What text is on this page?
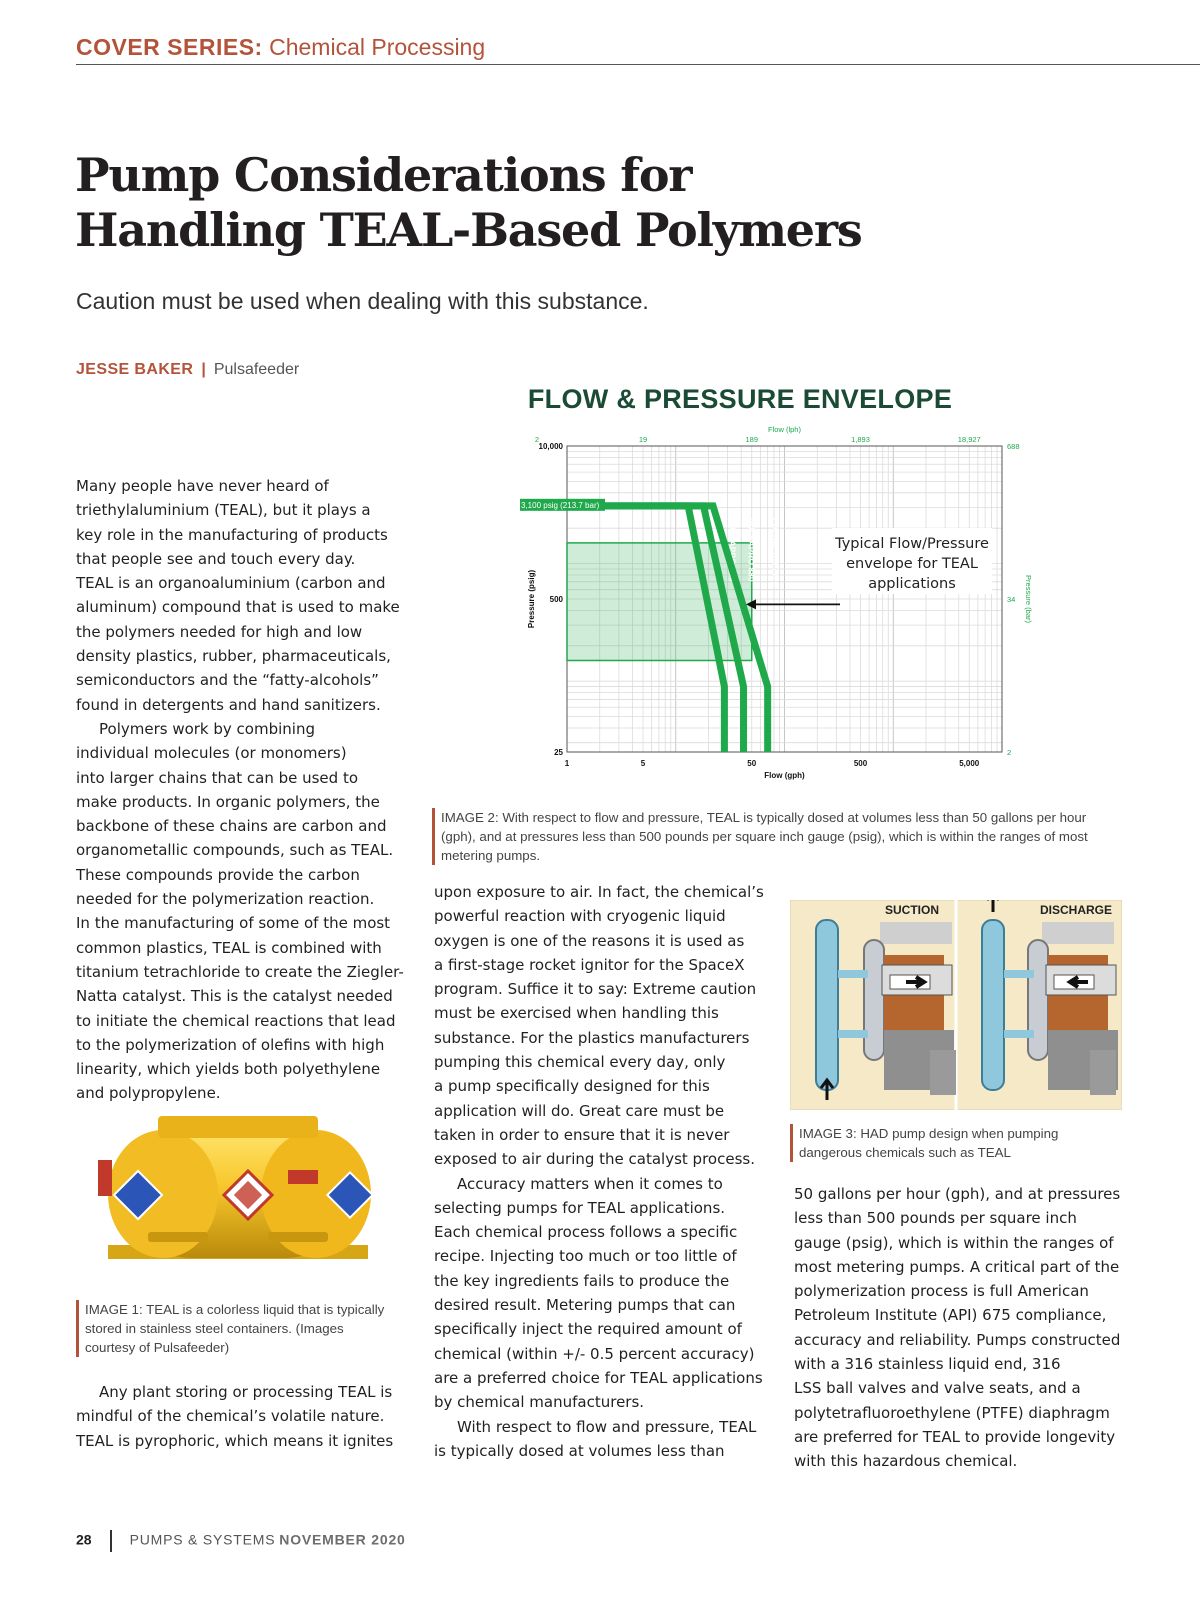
COVER SERIES: Chemical Processing
Pump Considerations for
Handling TEAL-Based Polymers
Caution must be used when dealing with this substance.
JESSE BAKER | Pulsafeeder

Many people have never heard of
triethylaluminium (TEAL), but it plays a
key role in the manufacturing of products
that people see and touch every day.
TEAL is an organoaluminium (carbon and
aluminum) compound that is used to make
the polymers needed for high and low
density plastics, rubber, pharmaceuticals,
semiconductors and the “fatty-alcohols”
found in detergents and hand sanitizers.

Polymers work by combining
individual molecules (or monomers)
into larger chains that can be used to
make products. In organic polymers, the
backbone of these chains are carbon and
organometallic compounds, such as TEAL.
These compounds provide the carbon
needed for the polymerization reaction.
In the manufacturing of some of the most
common plastics, TEAL is combined with
titanium tetrachloride to create the Ziegler-
Natta catalyst. This is the catalyst needed
to initiate the chemical reactions that lead
to the polymerization of olefins with high
linearity, which yields both polyethylene
and polypropylene.

IMAGE 1: TEAL is a colorless liquid that is typically
stored in stainless steel containers. (Images
courtesy of Pulsafeeder)

Any plant storing or processing TEAL is
mindful of the chemical’s volatile nature.
TEAL is pyrophoric, which means it ignites

FLOW & PRESSURE ENVELOPE
PULSAPRO 680 PULSAPRO 880 PULSAPRO 7120
3,100 psig (213.7 bar)
Typical Flow/Pressure
envelope for TEAL
applications
1	5	50	500	5,000
25
500
10,000
2	19	189	1,893	18,927
688
34
2
Flow (gph)
Flow (lph)
Pressure (psig)	Pressure (bar)
IMAGE 2: With respect to flow and pressure, TEAL is typically dosed at volumes less than 50 gallons per hour
(gph), and at pressures less than 500 pounds per square inch gauge (psig), which is within the ranges of most
metering pumps.

upon exposure to air. In fact, the chemical’s
powerful reaction with cryogenic liquid
oxygen is one of the reasons it is used as
a first-stage rocket ignitor for the SpaceX
program. Suffice it to say: Extreme caution
must be exercised when handling this
substance. For the plastics manufacturers
pumping this chemical every day, only
a pump specifically designed for this
application will do. Great care must be
taken in order to ensure that it is never
exposed to air during the catalyst process.

Accuracy matters when it comes to
selecting pumps for TEAL applications.
Each chemical process follows a specific
recipe. Injecting too much or too little of
the key ingredients fails to produce the
desired result. Metering pumps that can
specifically inject the required amount of
chemical (within +/- 0.5 percent accuracy)
are a preferred choice for TEAL applications
by chemical manufacturers.

With respect to flow and pressure, TEAL
is typically dosed at volumes less than

SUCTION	DISCHARGE
IMAGE 3: HAD pump design when pumping
dangerous chemicals such as TEAL

50 gallons per hour (gph), and at pressures
less than 500 pounds per square inch
gauge (psig), which is within the ranges of
most metering pumps. A critical part of the
polymerization process is full American
Petroleum Institute (API) 675 compliance,
accuracy and reliability. Pumps constructed
with a 316 stainless liquid end, 316
LSS ball valves and valve seats, and a
polytetrafluoroethylene (PTFE) diaphragm
are preferred for TEAL to provide longevity
with this hazardous chemical.

28	PUMPS & SYSTEMS NOVEMBER 2020
